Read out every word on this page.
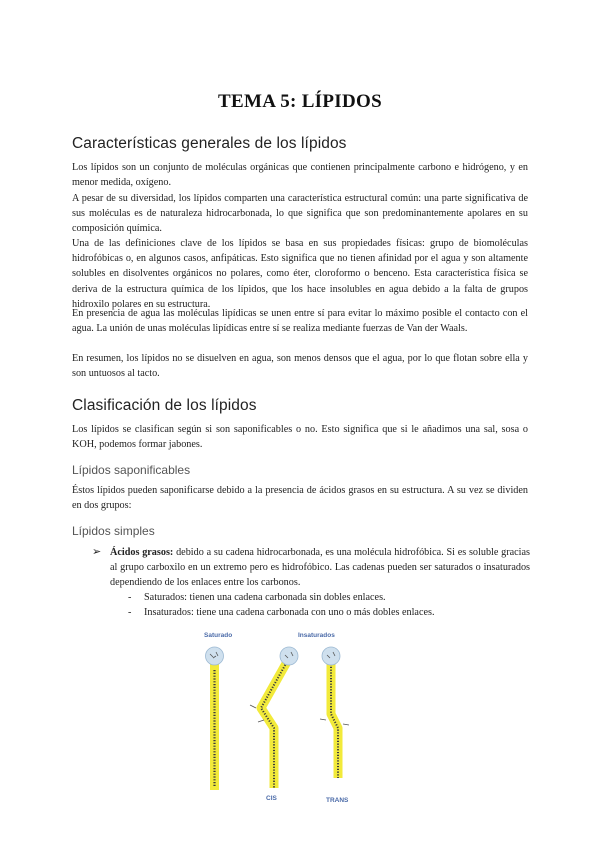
TEMA 5: LÍPIDOS
Características generales de los lípidos

Los lípidos son un conjunto de moléculas orgánicas que contienen principalmente carbono e hidrógeno, y en menor medida, oxígeno.

A pesar de su diversidad, los lípidos comparten una característica estructural común: una parte significativa de sus moléculas es de naturaleza hidrocarbonada, lo que significa que son predominantemente apolares en su composición química.

Una de las definiciones clave de los lípidos se basa en sus propiedades físicas: grupo de biomoléculas hidrofóbicas o, en algunos casos, anfipáticas. Esto significa que no tienen afinidad por el agua y son altamente solubles en disolventes orgánicos no polares, como éter, cloroformo o benceno. Esta característica física se deriva de la estructura química de los lípidos, que los hace insolubles en agua debido a la falta de grupos hidroxilo polares en su estructura.

En presencia de agua las moléculas lipídicas se unen entre sí para evitar lo máximo posible el contacto con el agua. La unión de unas moléculas lipídicas entre sí se realiza mediante fuerzas de Van der Waals.

En resumen, los lípidos no se disuelven en agua, son menos densos que el agua, por lo que flotan sobre ella y son untuosos al tacto.

Clasificación de los lípidos

Los lípidos se clasifican según si son saponificables o no. Esto significa que si le añadimos una sal, sosa o KOH, podemos formar jabones.

Lípidos saponificables

Éstos lípidos pueden saponificarse debido a la presencia de ácidos grasos en su estructura. A su vez se dividen en dos grupos:

Lípidos simples
➢ Ácidos grasos: debido a su cadena hidrocarbonada, es una molécula hidrofóbica. Si es soluble gracias al grupo carboxilo en un extremo pero es hidrofóbico. Las cadenas pueden ser saturados o insaturados dependiendo de los enlaces entre los carbonos.
- Saturados: tienen una cadena carbonada sin dobles enlaces.
- Insaturados: tiene una cadena carbonada con uno o más dobles enlaces.
Saturado	Insaturados
CIS	TRANS
